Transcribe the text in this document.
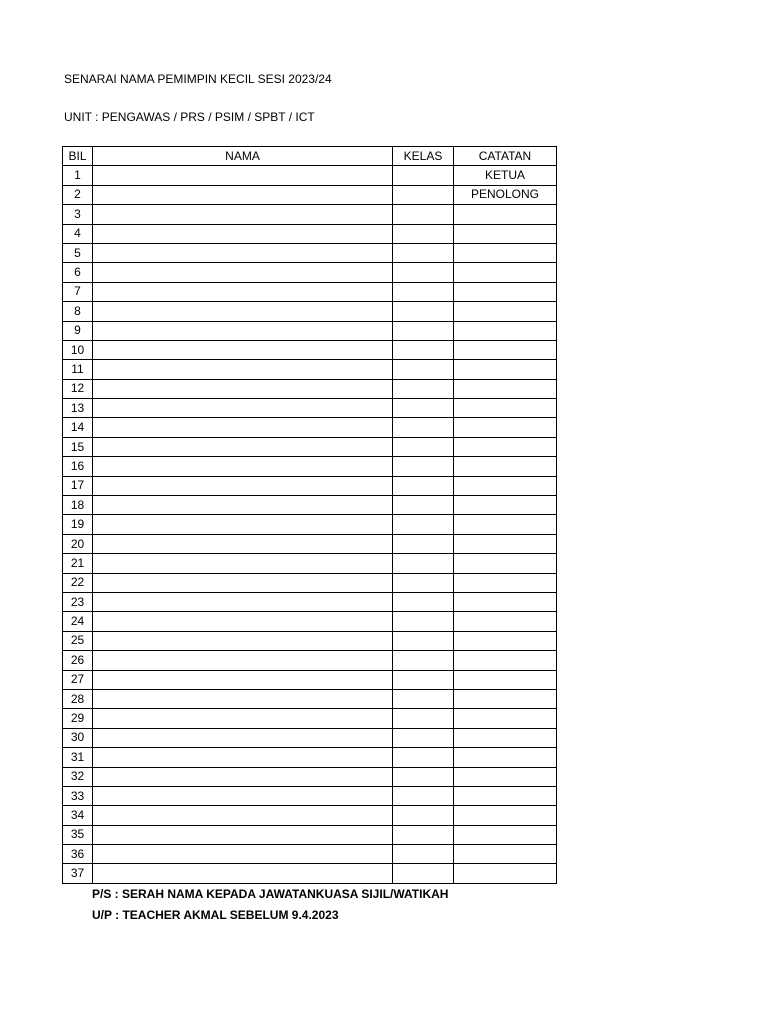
SENARAI NAMA PEMIMPIN KECIL SESI 2023/24
UNIT : PENGAWAS / PRS / PSIM / SPBT / ICT
BIL	NAMA	KELAS	CATATAN
1			KETUA
2			PENOLONG
3			
4			
5			
6			
7			
8			
9			
10			
11			
12			
13			
14			
15			
16			
17			
18			
19			
20			
21			
22			
23			
24			
25			
26			
27			
28			
29			
30			
31			
32			
33			
34			
35			
36			
37			
P/S : SERAH NAMA KEPADA JAWATANKUASA SIJIL/WATIKAH
U/P : TEACHER AKMAL SEBELUM 9.4.2023
